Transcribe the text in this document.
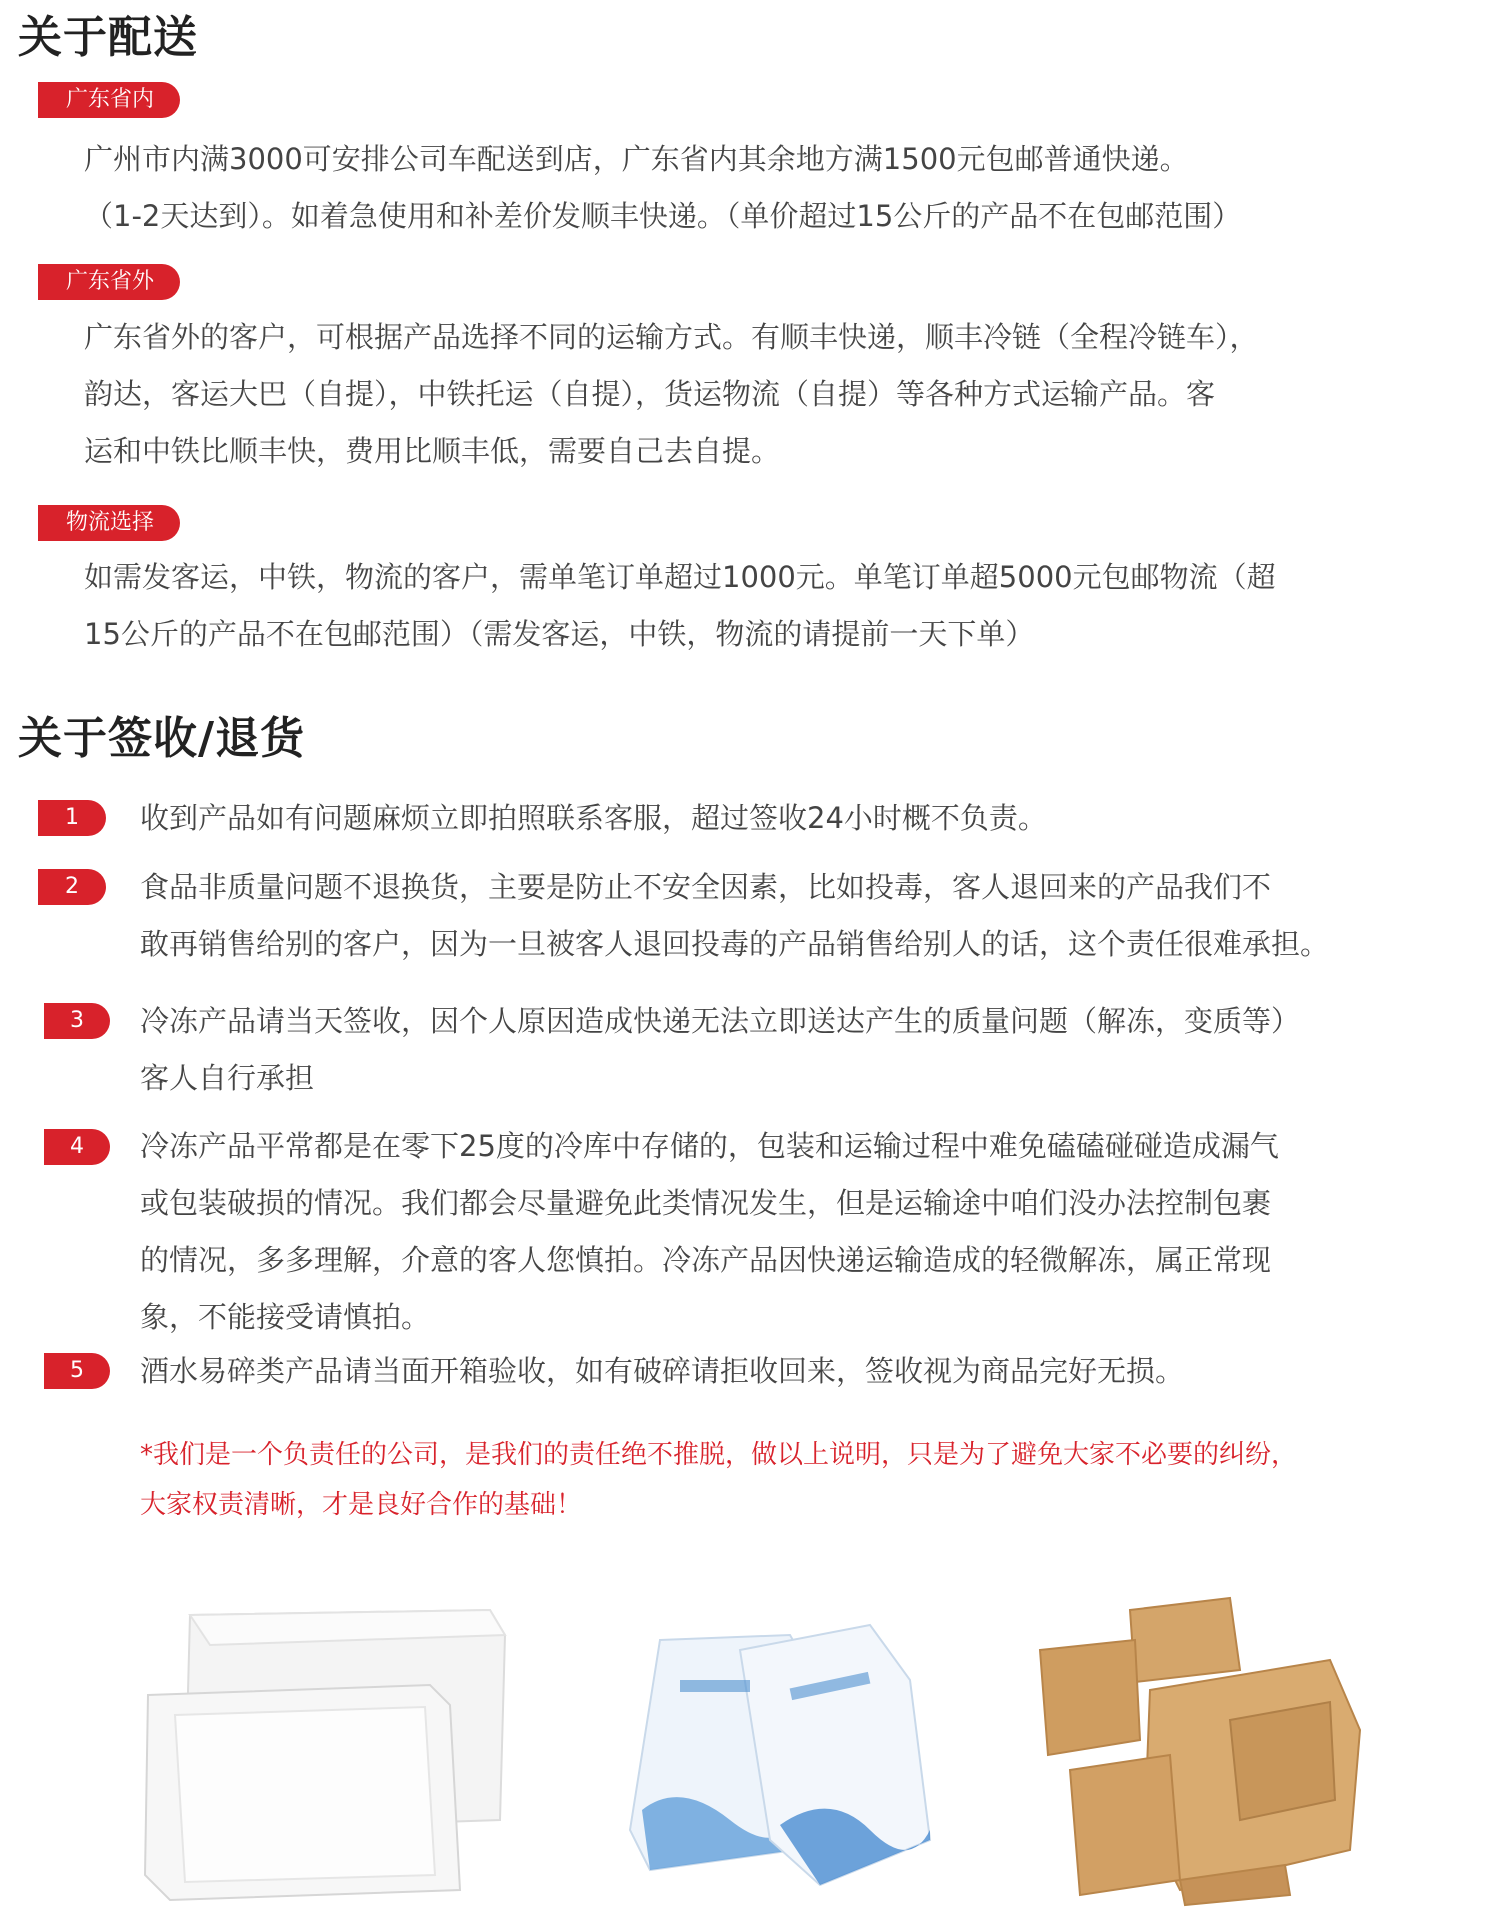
关于配送
广东省内
广州市内满3000可安排公司车配送到店，广东省内其余地方满1500元包邮普通快递。
（1-2天达到）。如着急使用和补差价发顺丰快递。（单价超过15公斤的产品不在包邮范围）
广东省外
广东省外的客户，可根据产品选择不同的运输方式。有顺丰快递，顺丰冷链（全程冷链车），
韵达，客运大巴（自提），中铁托运（自提），货运物流（自提）等各种方式运输产品。客
运和中铁比顺丰快，费用比顺丰低，需要自己去自提。
物流选择
如需发客运，中铁，物流的客户，需单笔订单超过1000元。单笔订单超5000元包邮物流（超
15公斤的产品不在包邮范围）（需发客运，中铁，物流的请提前一天下单）
关于签收/退货
1	收到产品如有问题麻烦立即拍照联系客服，超过签收24小时概不负责。
2	食品非质量问题不退换货，主要是防止不安全因素，比如投毒，客人退回来的产品我们不
敢再销售给别的客户，因为一旦被客人退回投毒的产品销售给别人的话，这个责任很难承担。
3	冷冻产品请当天签收，因个人原因造成快递无法立即送达产生的质量问题（解冻，变质等）
客人自行承担
4	冷冻产品平常都是在零下25度的冷库中存储的，包装和运输过程中难免磕磕碰碰造成漏气
或包装破损的情况。我们都会尽量避免此类情况发生，但是运输途中咱们没办法控制包裹
的情况，多多理解，介意的客人您慎拍。冷冻产品因快递运输造成的轻微解冻，属正常现
象，不能接受请慎拍。
5	酒水易碎类产品请当面开箱验收，如有破碎请拒收回来，签收视为商品完好无损。
*我们是一个负责任的公司，是我们的责任绝不推脱，做以上说明，只是为了避免大家不必要的纠纷，
大家权责清晰，才是良好合作的基础！
